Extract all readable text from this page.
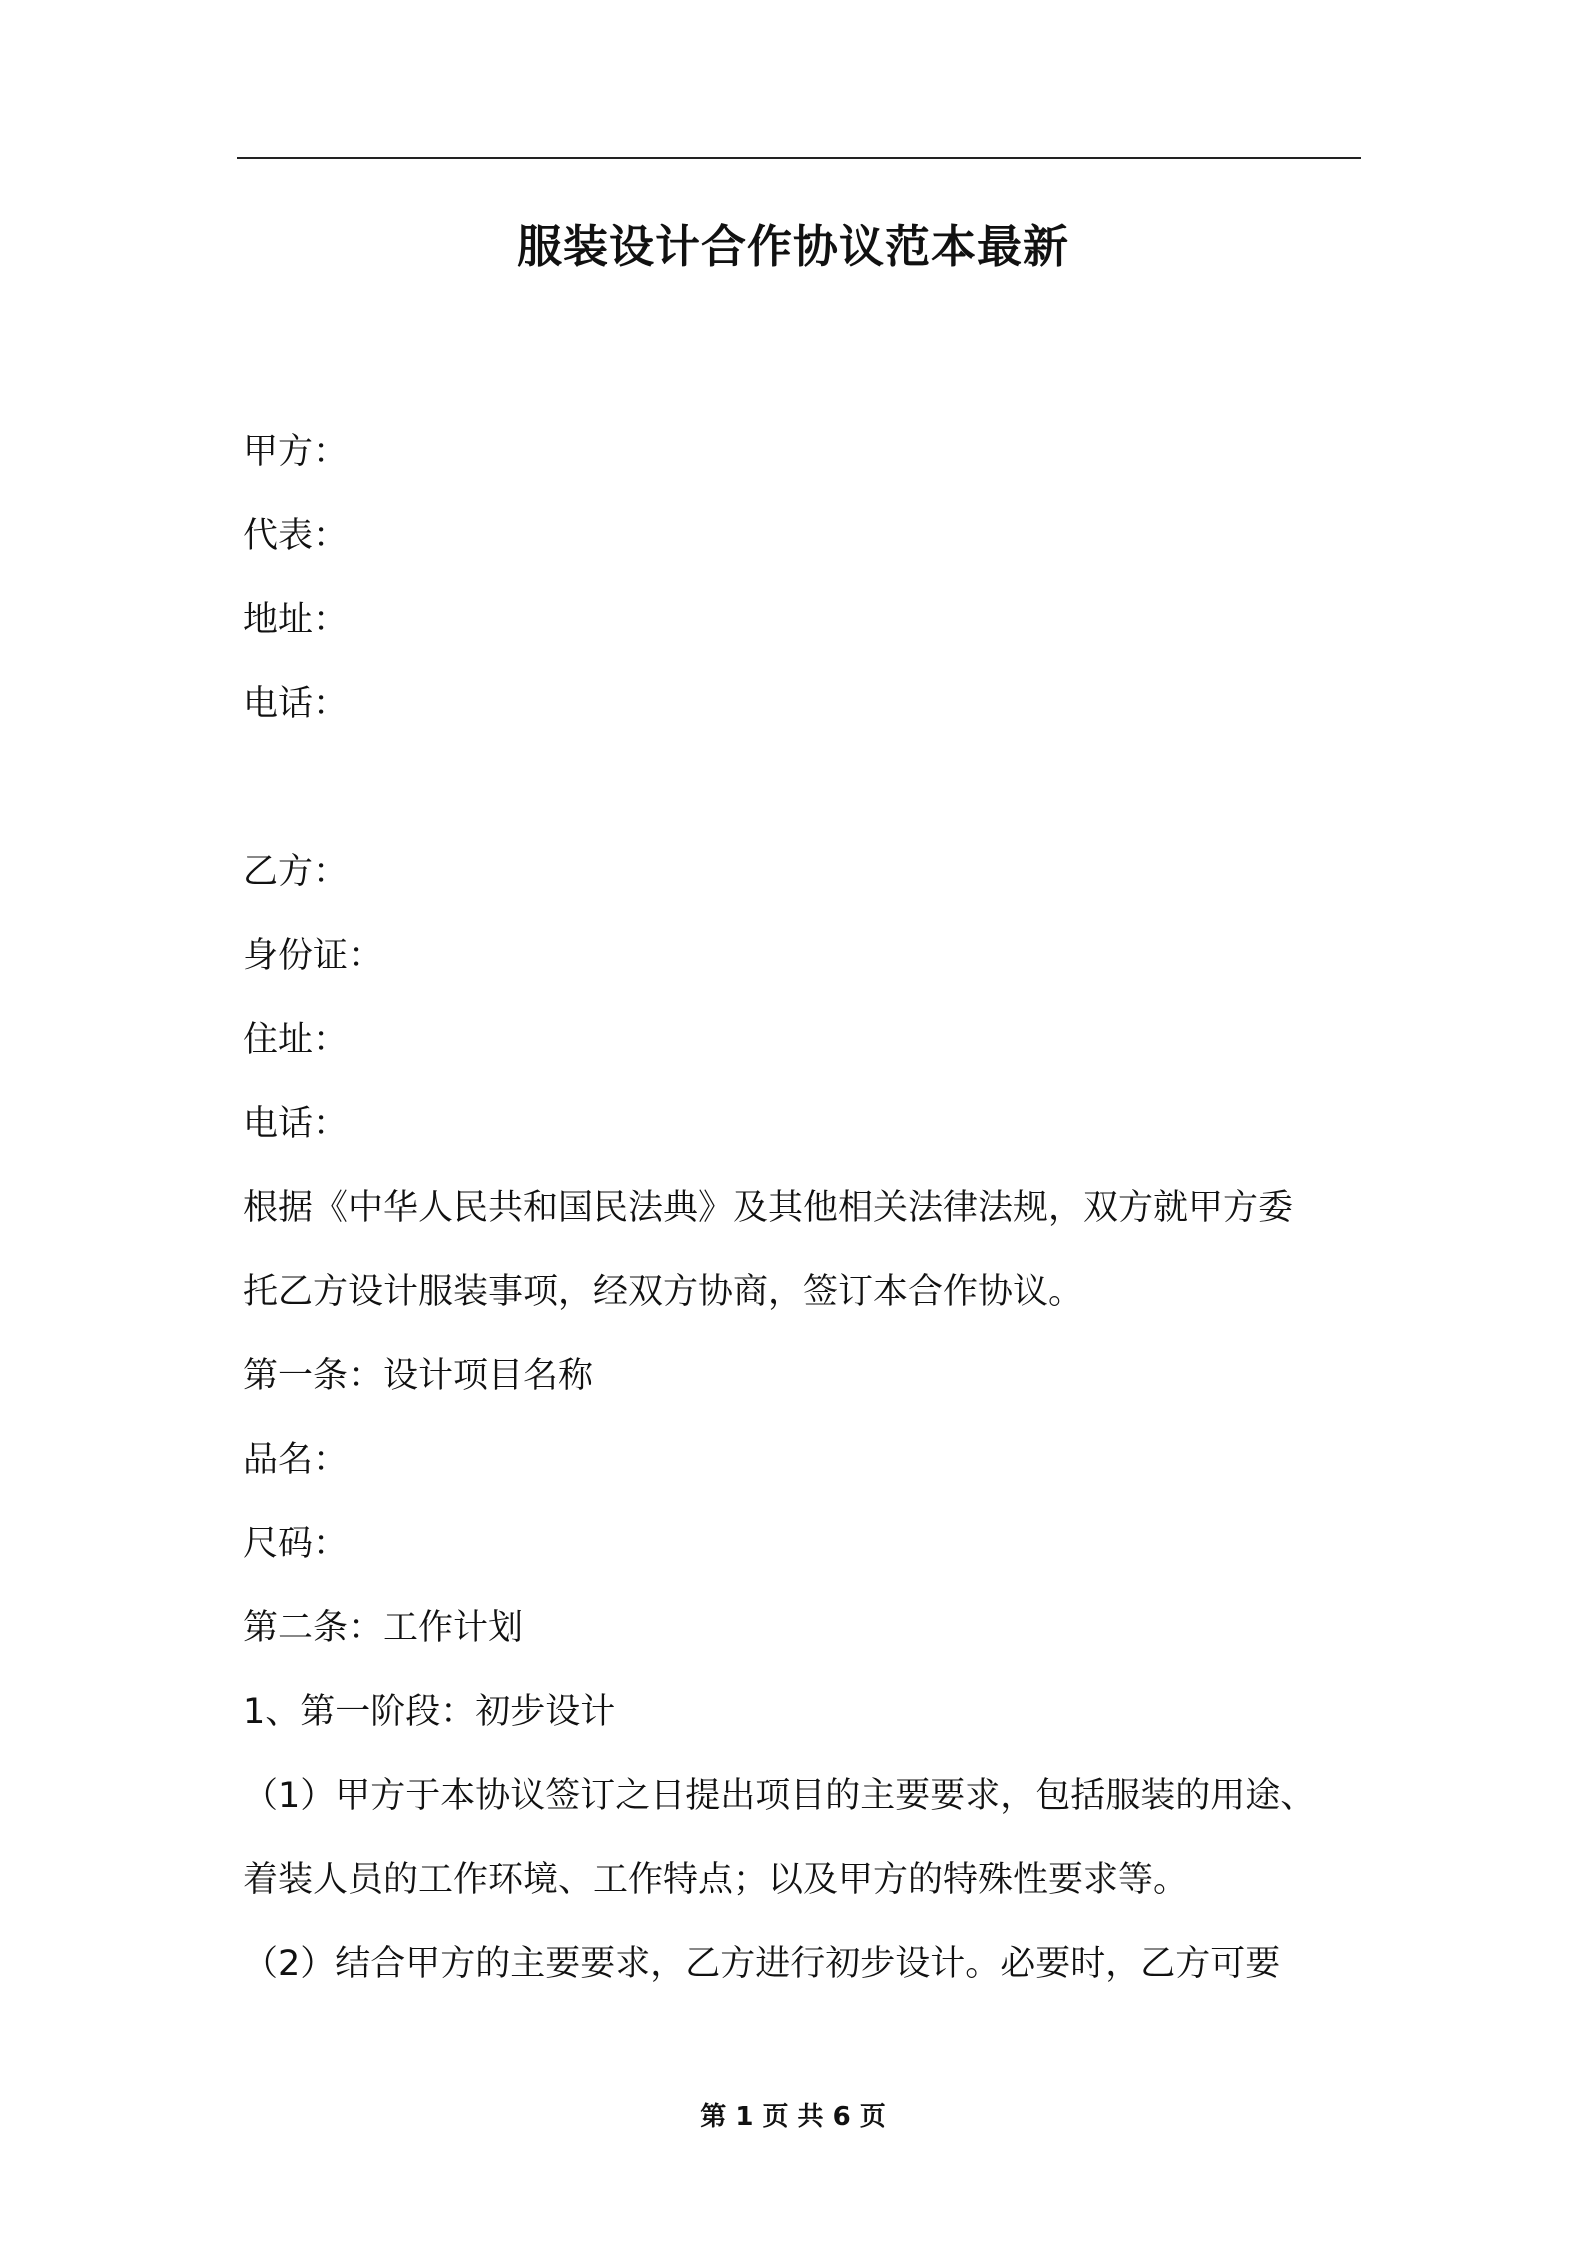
服装设计合作协议范本最新
甲方：
代表：
地址：
电话：
乙方：
身份证：
住址：
电话：
根据《中华人民共和国民法典》及其他相关法律法规，双方就甲方委
托乙方设计服装事项，经双方协商，签订本合作协议。
第一条：设计项目名称
品名：
尺码：
第二条：工作计划
1、第一阶段：初步设计
（1）甲方于本协议签订之日提出项目的主要要求，包括服装的用途、
着装人员的工作环境、工作特点；以及甲方的特殊性要求等。
（2）结合甲方的主要要求，乙方进行初步设计。必要时，乙方可要
第 1 页 共 6 页
